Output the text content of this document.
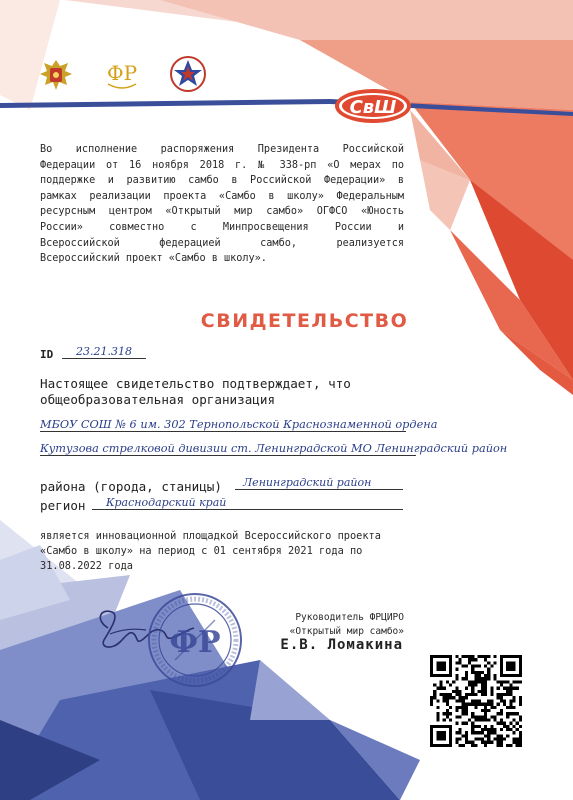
ФР
СвШ

Во исполнение распоряжения Президента Российской

Федерации от 16 ноября 2018 г. № 338-рп «О мерах по

поддержке и развитию самбо в Российской Федерации» в

рамках реализации проекта «Самбо в школу» Федеральным

ресурсным центром «Открытый мир самбо» ОГФСО «Юность

России» совместно с Минпросвещения России и

Всероссийской федерацией самбо, реализуется

Всероссийский проект «Самбо в школу».

СВИДЕТЕЛЬСТВО
ID	23.21.318
Настоящее свидетельство подтверждает, что
общеобразовательная организация
МБОУ СОШ № 6 им. 302 Тернопольской Краснознаменной ордена
Кутузова стрелковой дивизии ст. Ленинградской МО Ленинградский район
района (города, станицы)	Ленинградский район
регион	Краснодарский край

является инновационной площадкой Всероссийского проекта

«Самбо в школу» на период с 01 сентября 2021 года по

31.08.2022 года

ФР
Руководитель ФРЦИРО
«Открытый мир самбо»
Е.В. Ломакина
